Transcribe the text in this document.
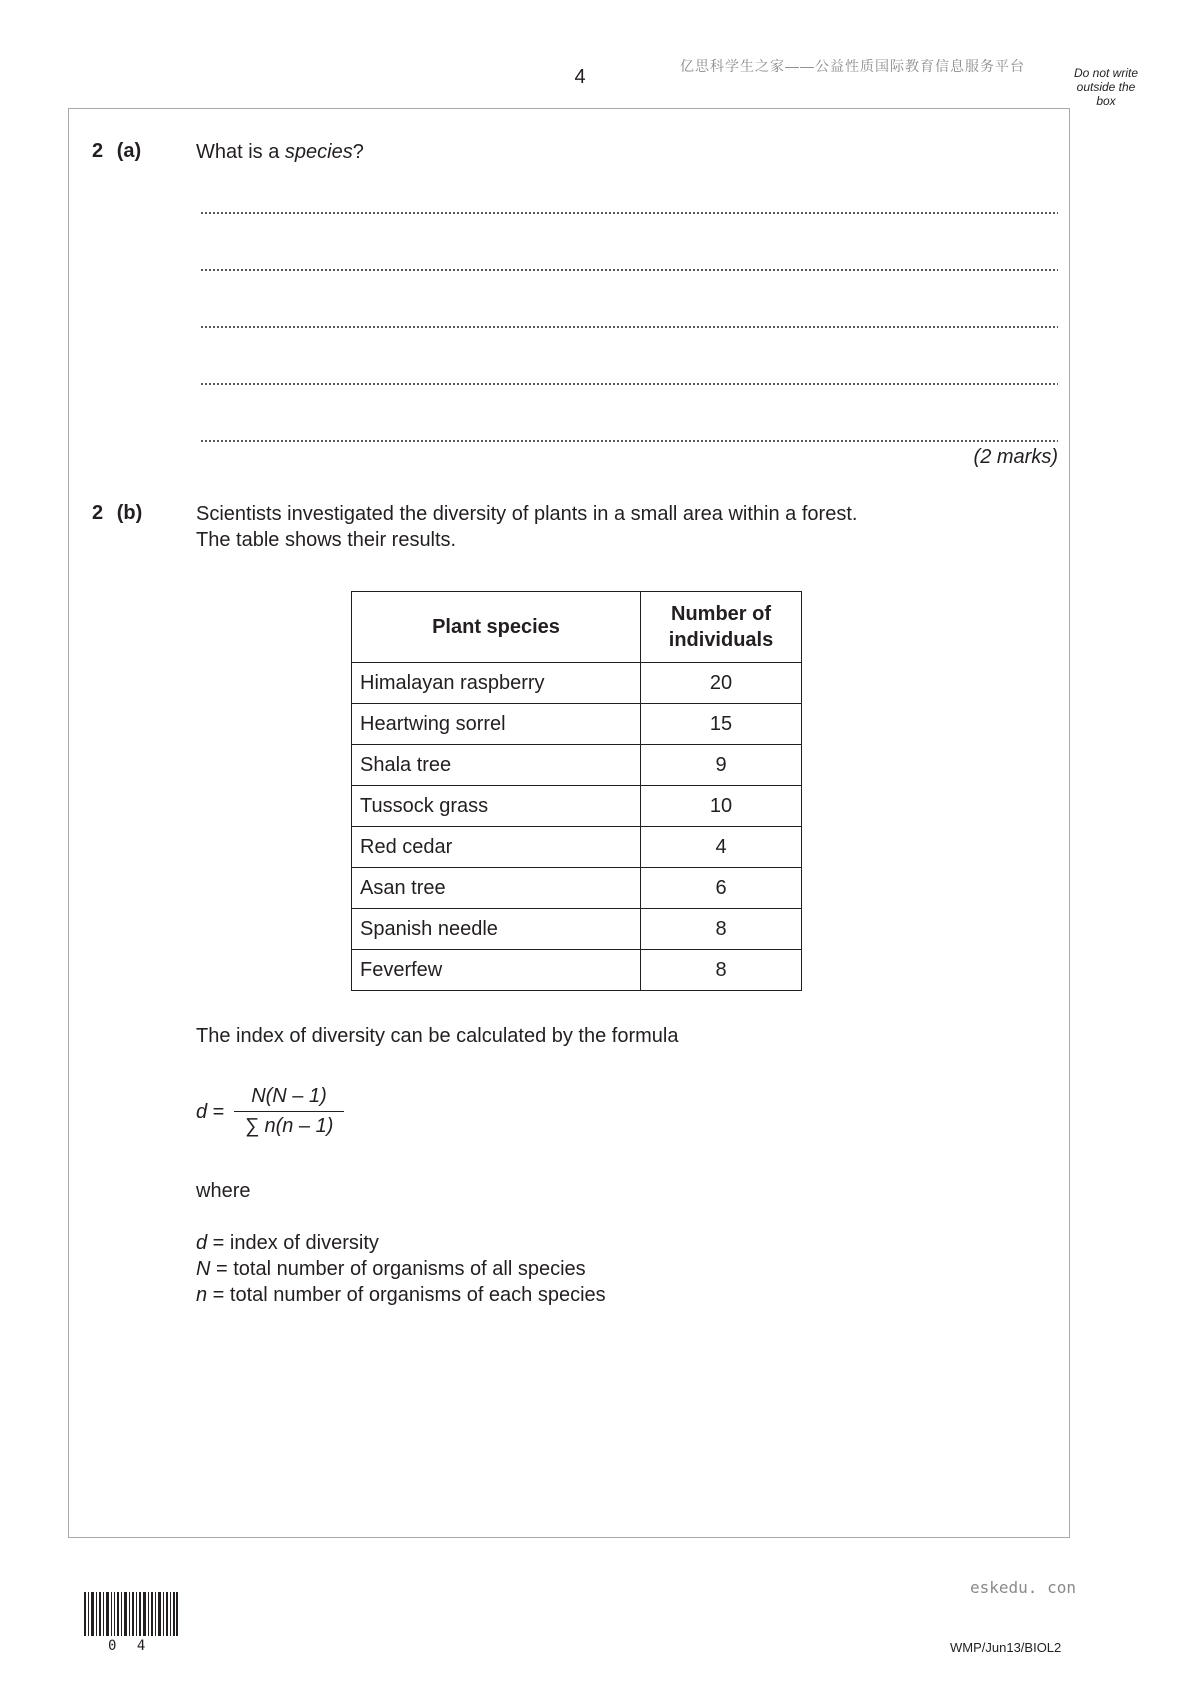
4	亿思科学生之家——公益性质国际教育信息服务平台	Do not write outside the box
2 (a)	What is a species?
(2 marks)
2 (b)	Scientists investigated the diversity of plants in a small area within a forest.
The table shows their results.
Plant species	Number of individuals
Himalayan raspberry	20
Heartwing sorrel	15
Shala tree	9
Tussock grass	10
Red cedar	4
Asan tree	6
Spanish needle	8
Feverfew	8
The index of diversity can be calculated by the formula
d =
N(N – 1)
∑ n(n – 1)
where
d = index of diversity
N = total number of organisms of all species
n = total number of organisms of each species
eskedu. con
0 4	WMP/Jun13/BIOL2
